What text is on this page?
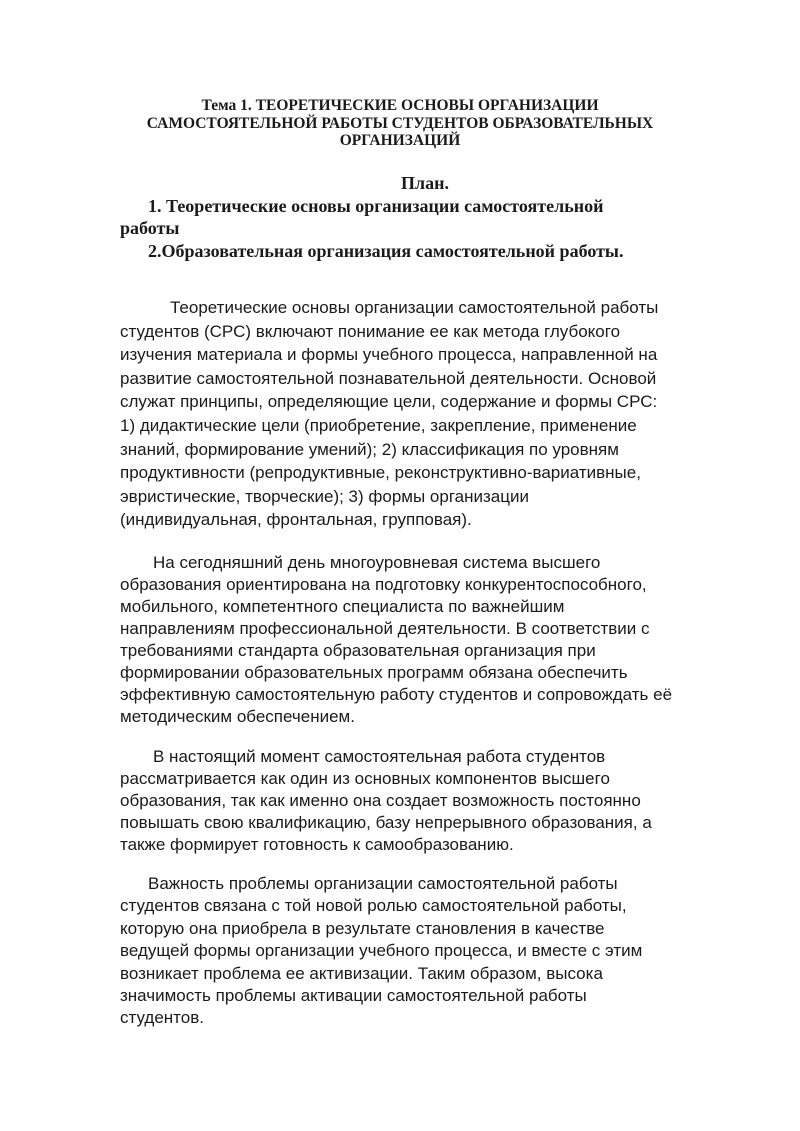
Тема 1. ТЕОРЕТИЧЕСКИЕ ОСНОВЫ ОРГАНИЗАЦИИ
САМОСТОЯТЕЛЬНОЙ РАБОТЫ СТУДЕНТОВ ОБРАЗОВАТЕЛЬНЫХ
ОРГАНИЗАЦИЙ
План.
1. Теоретические основы организации самостоятельной
работы
2.Образовательная организация самостоятельной работы.
Теоретические основы организации самостоятельной работы
студентов (СРС) включают понимание ее как метода глубокого
изучения материала и формы учебного процесса, направленной на
развитие самостоятельной познавательной деятельности. Основой
служат принципы, определяющие цели, содержание и формы СРС:
1) дидактические цели (приобретение, закрепление, применение
знаний, формирование умений); 2) классификация по уровням
продуктивности (репродуктивные, реконструктивно-вариативные,
эвристические, творческие); 3) формы организации
(индивидуальная, фронтальная, групповая).
На сегодняшний день многоуровневая система высшего
образования ориентирована на подготовку конкурентоспособного,
мобильного, компетентного специалиста по важнейшим
направлениям профессиональной деятельности. В соответствии с
требованиями стандарта образовательная организация при
формировании образовательных программ обязана обеспечить
эффективную самостоятельную работу студентов и сопровождать её
методическим обеспечением.
В настоящий момент самостоятельная работа студентов
рассматривается как один из основных компонентов высшего
образования, так как именно она создает возможность постоянно
повышать свою квалификацию, базу непрерывного образования, а
также формирует готовность к самообразованию.
Важность проблемы организации самостоятельной работы
студентов связана с той новой ролью самостоятельной работы,
которую она приобрела в результате становления в качестве
ведущей формы организации учебного процесса, и вместе с этим
возникает проблема ее активизации. Таким образом, высока
значимость проблемы активации самостоятельной работы
студентов.
